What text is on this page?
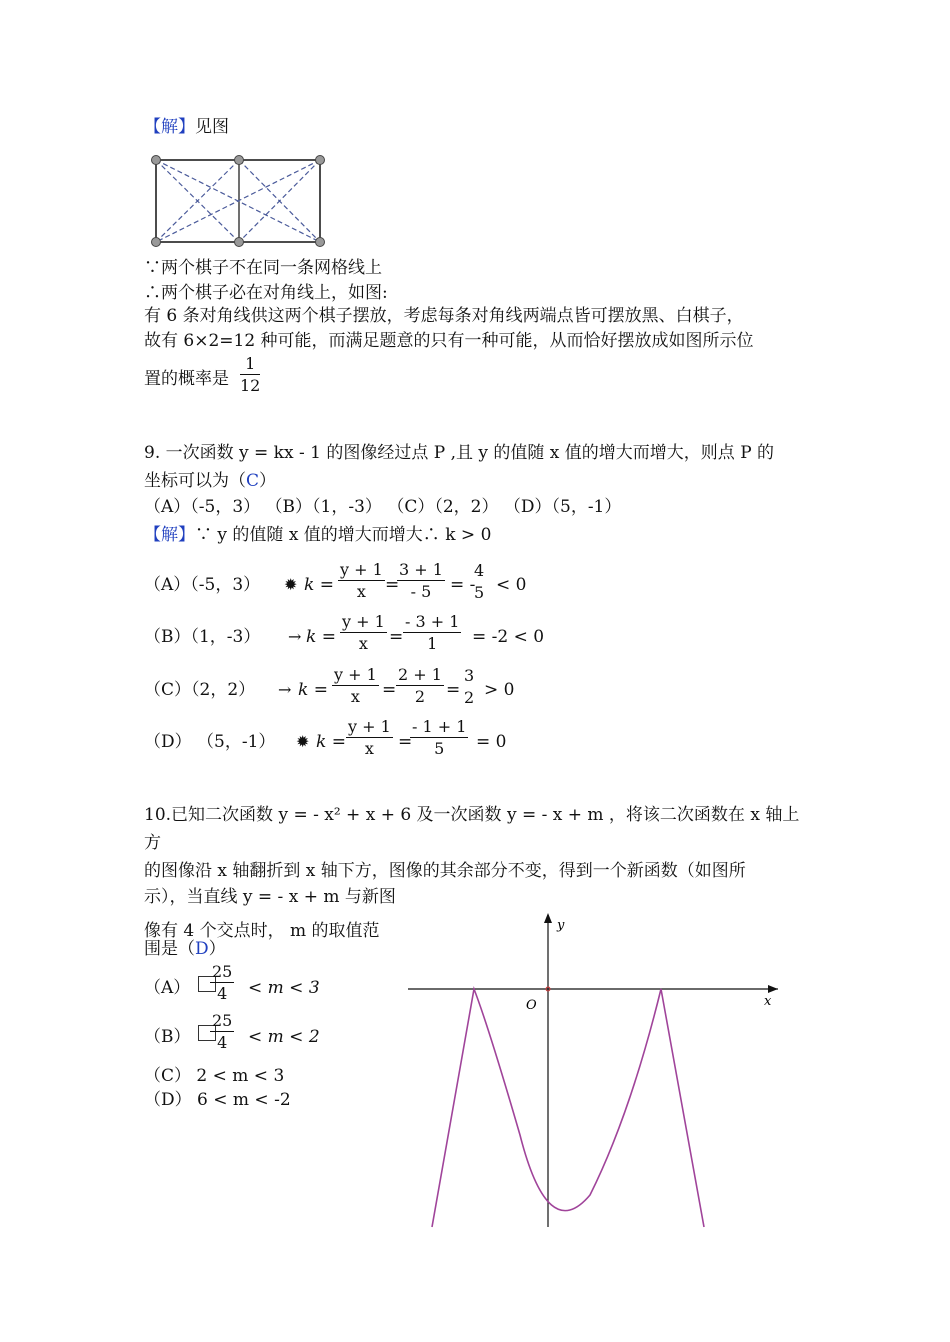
【解】见图
∵两个棋子不在同一条网格线上
∴两个棋子必在对角线上，如图:
有 6 条对角线供这两个棋子摆放，考虑每条对角线两端点皆可摆放黑、白棋子，
故有 6×2=12 种可能，而满足题意的只有一种可能，从而恰好摆放成如图所示位
置的概率是 $\frac{1}{12}$
9. 一次函数 y = kx - 1 的图像经过点 P ,且 y 的值随 x 值的增大而增大，则点 P 的
坐标可以为（C）
（A）（-5，3） （B）（1，-3） （C）（2，2） （D）（5，-1）
【解】∵ y 的值随 x 值的增大而增大∴ k > 0
（A）（-5，3） ✹ $k = \frac{y + 1}{x}$ =
$\frac{3 + 1}{- 5}$ = -
4
5 < 0
（B）（1，$-3) \to k = \frac{y + 1}{x} = \frac{- 3 + 1}{1} = -2 < 0$
（C）（2，$2) \to k = \frac{y + 1}{x} = \frac{2 + 1}{2}$ =
3
2 > 0
（D） （5，-1） ✹ $k = \frac{y + 1}{x}$ =
$\frac{- 1 + 1}{5} = 0$
10.已知二次函数 y = - x² + x + 6 及一次函数 y = - x + m ，将该二次函数在 x 轴上
方
的图像沿 x 轴翻折到 x 轴下方，图像的其余部分不变，得到一个新函数（如图所
示），当直线 y = - x + m 与新图
像有 4 个交点时， m 的取值范
围是（D）
$(A) \frac{25}{4} < m < 3$
$(B) \frac{25}{4} < m < 2$
（C） 2 < m < 3
（D） 6 < m < -2
y
x
O
